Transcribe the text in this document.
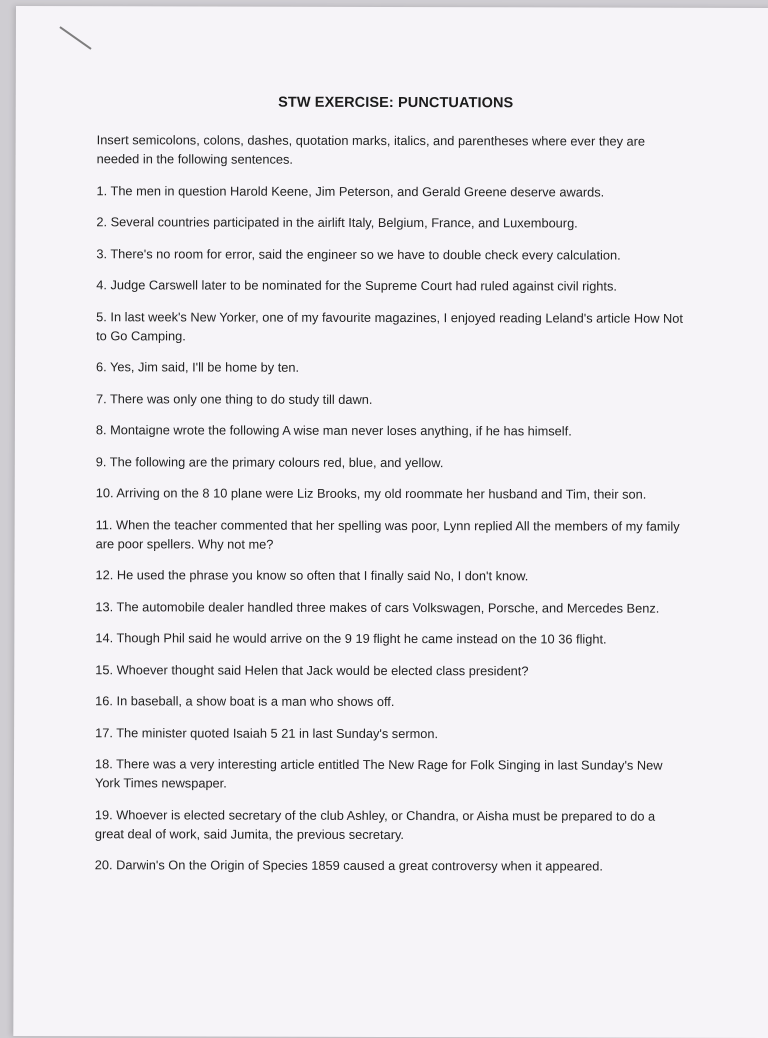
STW EXERCISE: PUNCTUATIONS

Insert semicolons, colons, dashes, quotation marks, italics, and parentheses where ever they are needed in the following sentences.

1. The men in question Harold Keene, Jim Peterson, and Gerald Greene deserve awards.

2. Several countries participated in the airlift Italy, Belgium, France, and Luxembourg.

3. There's no room for error, said the engineer so we have to double check every calculation.

4. Judge Carswell later to be nominated for the Supreme Court had ruled against civil rights.

5. In last week's New Yorker, one of my favourite magazines, I enjoyed reading Leland's article How Not to Go Camping.

6. Yes, Jim said, I'll be home by ten.

7. There was only one thing to do study till dawn.

8. Montaigne wrote the following A wise man never loses anything, if he has himself.

9. The following are the primary colours red, blue, and yellow.

10. Arriving on the 8 10 plane were Liz Brooks, my old roommate her husband and Tim, their son.

11. When the teacher commented that her spelling was poor, Lynn replied All the members of my family are poor spellers. Why not me?

12. He used the phrase you know so often that I finally said No, I don't know.

13. The automobile dealer handled three makes of cars Volkswagen, Porsche, and Mercedes Benz.

14. Though Phil said he would arrive on the 9 19 flight he came instead on the 10 36 flight.

15. Whoever thought said Helen that Jack would be elected class president?

16. In baseball, a show boat is a man who shows off.

17. The minister quoted Isaiah 5 21 in last Sunday's sermon.

18. There was a very interesting article entitled The New Rage for Folk Singing in last Sunday's New York Times newspaper.

19. Whoever is elected secretary of the club Ashley, or Chandra, or Aisha must be prepared to do a great deal of work, said Jumita, the previous secretary.

20. Darwin's On the Origin of Species 1859 caused a great controversy when it appeared.
